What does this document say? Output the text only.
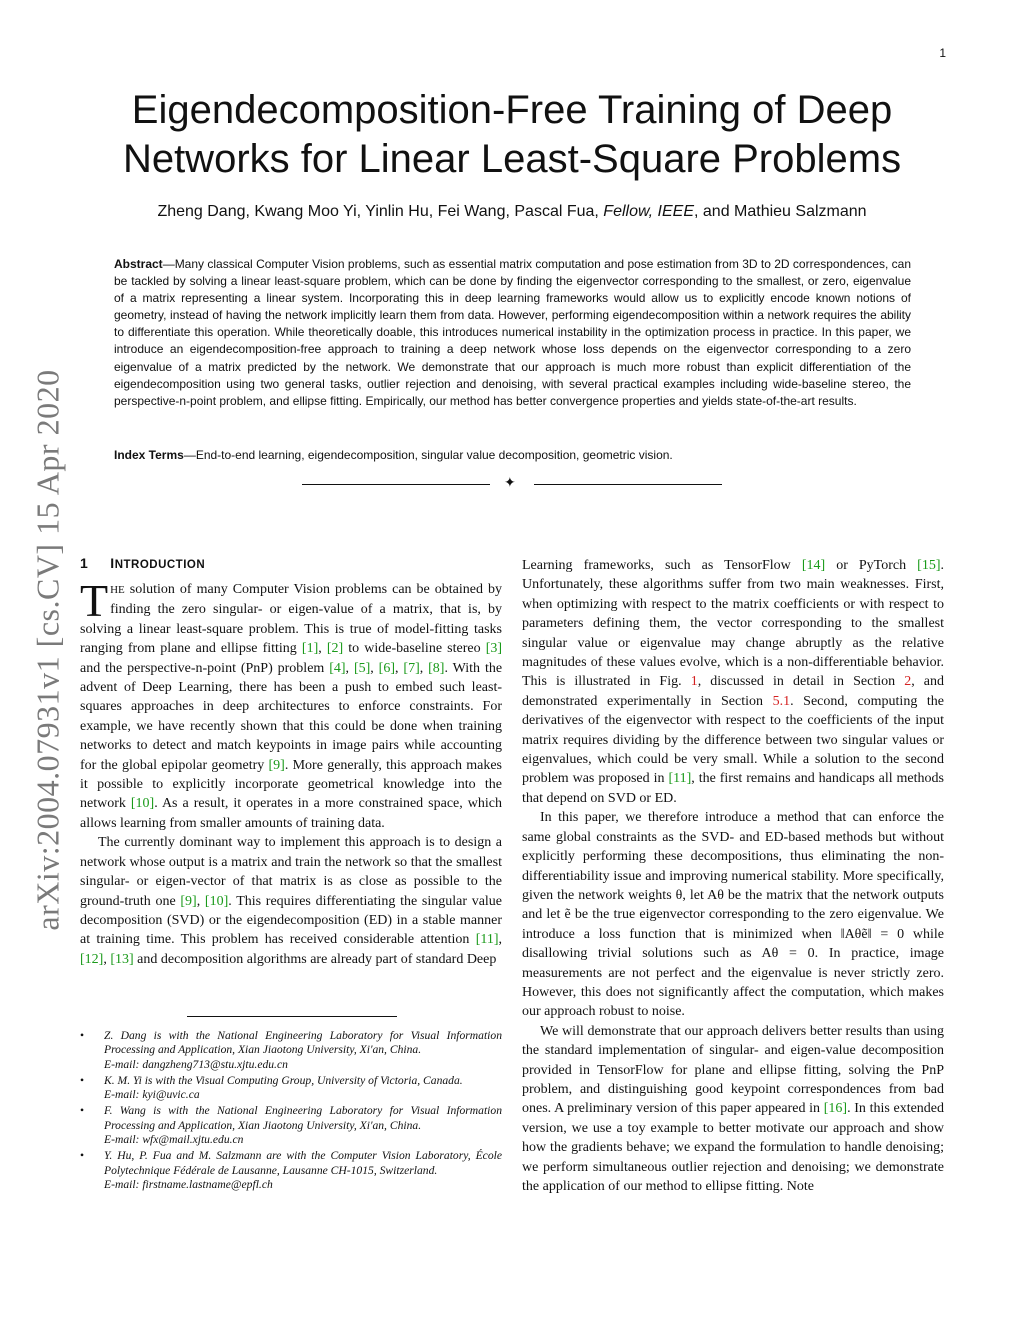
1
arXiv:2004.07931v1 [cs.CV] 15 Apr 2020
Eigendecomposition-Free Training of Deep
Networks for Linear Least-Square Problems
Zheng Dang, Kwang Moo Yi, Yinlin Hu, Fei Wang, Pascal Fua, Fellow, IEEE, and Mathieu Salzmann
Abstract—Many classical Computer Vision problems, such as essential matrix computation and pose estimation from 3D to 2D correspondences, can be tackled by solving a linear least-square problem, which can be done by finding the eigenvector corresponding to the smallest, or zero, eigenvalue of a matrix representing a linear system. Incorporating this in deep learning frameworks would allow us to explicitly encode known notions of geometry, instead of having the network implicitly learn them from data. However, performing eigendecomposition within a network requires the ability to differentiate this operation. While theoretically doable, this introduces numerical instability in the optimization process in practice. In this paper, we introduce an eigendecomposition-free approach to training a deep network whose loss depends on the eigenvector corresponding to a zero eigenvalue of a matrix predicted by the network. We demonstrate that our approach is much more robust than explicit differentiation of the eigendecomposition using two general tasks, outlier rejection and denoising, with several practical examples including wide-baseline stereo, the perspective-n-point problem, and ellipse fitting. Empirically, our method has better convergence properties and yields state-of-the-art results.
Index Terms—End-to-end learning, eigendecomposition, singular value decomposition, geometric vision.
✦
1 INTRODUCTION

THE solution of many Computer Vision problems can be obtained by finding the zero singular- or eigen-value of a matrix, that is, by solving a linear least-square problem. This is true of model-fitting tasks ranging from plane and ellipse fitting [1], [2] to wide-baseline stereo [3] and the perspective-n-point (PnP) problem [4], [5], [6], [7], [8]. With the advent of Deep Learning, there has been a push to embed such least-squares approaches in deep architectures to enforce constraints. For example, we have recently shown that this could be done when training networks to detect and match keypoints in image pairs while accounting for the global epipolar geometry [9]. More generally, this approach makes it possible to explicitly incorporate geometrical knowledge into the network [10]. As a result, it operates in a more constrained space, which allows learning from smaller amounts of training data.

The currently dominant way to implement this approach is to design a network whose output is a matrix and train the network so that the smallest singular- or eigen-vector of that matrix is as close as possible to the ground-truth one [9], [10]. This requires differentiating the singular value decomposition (SVD) or the eigendecomposition (ED) in a stable manner at training time. This problem has received considerable attention [11], [12], [13] and decomposition algorithms are already part of standard Deep

Learning frameworks, such as TensorFlow [14] or PyTorch [15]. Unfortunately, these algorithms suffer from two main weaknesses. First, when optimizing with respect to the matrix coefficients or with respect to parameters defining them, the vector corresponding to the smallest singular value or eigenvalue may change abruptly as the relative magnitudes of these values evolve, which is a non-differentiable behavior. This is illustrated in Fig. 1, discussed in detail in Section 2, and demonstrated experimentally in Section 5.1. Second, computing the derivatives of the eigenvector with respect to the coefficients of the input matrix requires dividing by the difference between two singular values or eigenvalues, which could be very small. While a solution to the second problem was proposed in [11], the first remains and handicaps all methods that depend on SVD or ED.

In this paper, we therefore introduce a method that can enforce the same global constraints as the SVD- and ED-based methods but without explicitly performing these decompositions, thus eliminating the non-differentiability issue and improving numerical stability. More specifically, given the network weights θ, let Aθ be the matrix that the network outputs and let ẽ be the true eigenvector corresponding to the zero eigenvalue. We introduce a loss function that is minimized when ‖Aθẽ‖ = 0 while disallowing trivial solutions such as Aθ = 0. In practice, image measurements are not perfect and the eigenvalue is never strictly zero. However, this does not significantly affect the computation, which makes our approach robust to noise.

We will demonstrate that our approach delivers better results than using the standard implementation of singular- and eigen-value decomposition provided in TensorFlow for plane and ellipse fitting, solving the PnP problem, and distinguishing good keypoint correspondences from bad ones. A preliminary version of this paper appeared in [16]. In this extended version, we use a toy example to better motivate our approach and show how the gradients behave; we expand the formulation to handle denoising; we perform simultaneous outlier rejection and denoising; we demonstrate the application of our method to ellipse fitting. Note

• Z. Dang is with the National Engineering Laboratory for Visual Information Processing and Application, Xian Jiaotong University, Xi'an, China.
E-mail: dangzheng713@stu.xjtu.edu.cn
• K. M. Yi is with the Visual Computing Group, University of Victoria, Canada.
E-mail: kyi@uvic.ca
• F. Wang is with the National Engineering Laboratory for Visual Information Processing and Application, Xian Jiaotong University, Xi'an, China.
E-mail: wfx@mail.xjtu.edu.cn
• Y. Hu, P. Fua and M. Salzmann are with the Computer Vision Laboratory, École Polytechnique Fédérale de Lausanne, Lausanne CH-1015, Switzerland.
E-mail: firstname.lastname@epfl.ch
